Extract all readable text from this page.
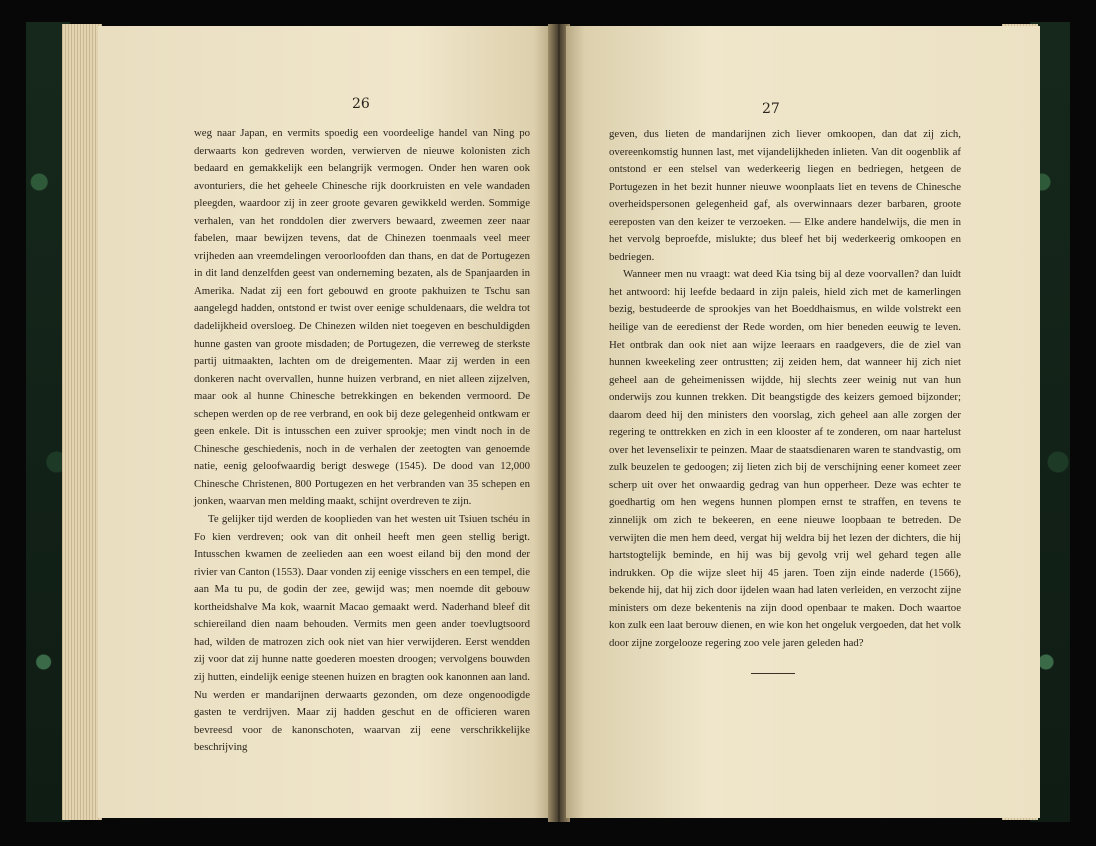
26

weg naar Japan, en vermits spoedig een voordeelige handel van Ning po derwaarts kon gedreven worden, verwierven de nieuwe kolonisten zich bedaard en gemakkelijk een belangrijk vermogen. Onder hen waren ook avonturiers, die het geheele Chinesche rijk doorkruisten en vele wandaden pleegden, waardoor zij in zeer groote gevaren gewikkeld werden. Sommige verhalen, van het ronddolen dier zwervers bewaard, zweemen zeer naar fabelen, maar bewijzen tevens, dat de Chinezen toenmaals veel meer vrijheden aan vreemdelingen veroorloofden dan thans, en dat de Portugezen in dit land denzelfden geest van onderneming bezaten, als de Spanjaarden in Amerika. Nadat zij een fort gebouwd en groote pakhuizen te Tschu san aangelegd hadden, ontstond er twist over eenige schuldenaars, die weldra tot dadelijkheid oversloeg. De Chinezen wilden niet toegeven en beschuldigden hunne gasten van groote misdaden; de Portugezen, die verreweg de sterkste partij uitmaakten, lachten om de dreigementen. Maar zij werden in een donkeren nacht overvallen, hunne huizen verbrand, en niet alleen zijzelven, maar ook al hunne Chinesche betrekkingen en bekenden vermoord. De schepen werden op de ree verbrand, en ook bij deze gelegenheid ontkwam er geen enkele. Dit is intusschen een zuiver sprookje; men vindt noch in de Chinesche geschiedenis, noch in de verhalen der zeetogten van genoemde natie, eenig geloofwaardig berigt deswege (1545). De dood van 12,000 Chinesche Christenen, 800 Portugezen en het verbranden van 35 schepen en jonken, waarvan men melding maakt, schijnt overdreven te zijn.

Te gelijker tijd werden de kooplieden van het westen uit Tsiuen tschéu in Fo kien verdreven; ook van dit onheil heeft men geen stellig berigt. Intusschen kwamen de zeelieden aan een woest eiland bij den mond der rivier van Canton (1553). Daar vonden zij eenige visschers en een tempel, die aan Ma tu pu, de godin der zee, gewijd was; men noemde dit gebouw kortheidshalve Ma kok, waarnit Macao gemaakt werd. Naderhand bleef dit schiereiland dien naam behouden. Vermits men geen ander toevlugtsoord had, wilden de matrozen zich ook niet van hier verwijderen. Eerst wendden zij voor dat zij hunne natte goederen moesten droogen; vervolgens bouwden zij hutten, eindelijk eenige steenen huizen en bragten ook kanonnen aan land. Nu werden er mandarijnen derwaarts gezonden, om deze ongenoodigde gasten te verdrijven. Maar zij hadden geschut en de officieren waren bevreesd voor de kanonschoten, waarvan zij eene verschrikkelijke beschrijving

27

geven, dus lieten de mandarijnen zich liever omkoopen, dan dat zij zich, overeenkomstig hunnen last, met vijandelijkheden inlieten. Van dit oogenblik af ontstond er een stelsel van wederkeerig liegen en bedriegen, hetgeen de Portugezen in het bezit hunner nieuwe woonplaats liet en tevens de Chinesche overheidspersonen gelegenheid gaf, als overwinnaars dezer barbaren, groote eereposten van den keizer te verzoeken. — Elke andere handelwijs, die men in het vervolg beproefde, mislukte; dus bleef het bij wederkeerig omkoopen en bedriegen.

Wanneer men nu vraagt: wat deed Kia tsing bij al deze voorvallen? dan luidt het antwoord: hij leefde bedaard in zijn paleis, hield zich met de kamerlingen bezig, bestudeerde de sprookjes van het Boeddhaismus, en wilde volstrekt een heilige van de eeredienst der Rede worden, om hier beneden eeuwig te leven. Het ontbrak dan ook niet aan wijze leeraars en raadgevers, die de ziel van hunnen kweekeling zeer ontrustten; zij zeiden hem, dat wanneer hij zich niet geheel aan de geheimenissen wijdde, hij slechts zeer weinig nut van hun onderwijs zou kunnen trekken. Dit beangstigde des keizers gemoed bijzonder; daarom deed hij den ministers den voorslag, zich geheel aan alle zorgen der regering te onttrekken en zich in een klooster af te zonderen, om naar hartelust over het levenselixir te peinzen. Maar de staatsdienaren waren te standvastig, om zulk beuzelen te gedoogen; zij lieten zich bij de verschijning eener komeet zeer scherp uit over het onwaardig gedrag van hun opperheer. Deze was echter te goedhartig om hen wegens hunnen plompen ernst te straffen, en tevens te zinnelijk om zich te bekeeren, en eene nieuwe loopbaan te betreden. De verwijten die men hem deed, vergat hij weldra bij het lezen der dichters, die hij hartstogtelijk beminde, en hij was bij gevolg vrij wel gehard tegen alle indrukken. Op die wijze sleet hij 45 jaren. Toen zijn einde naderde (1566), bekende hij, dat hij zich door ijdelen waan had laten verleiden, en verzocht zijne ministers om deze bekentenis na zijn dood openbaar te maken. Doch waartoe kon zulk een laat berouw dienen, en wie kon het ongeluk vergoeden, dat het volk door zijne zorgelooze regering zoo vele jaren geleden had?
